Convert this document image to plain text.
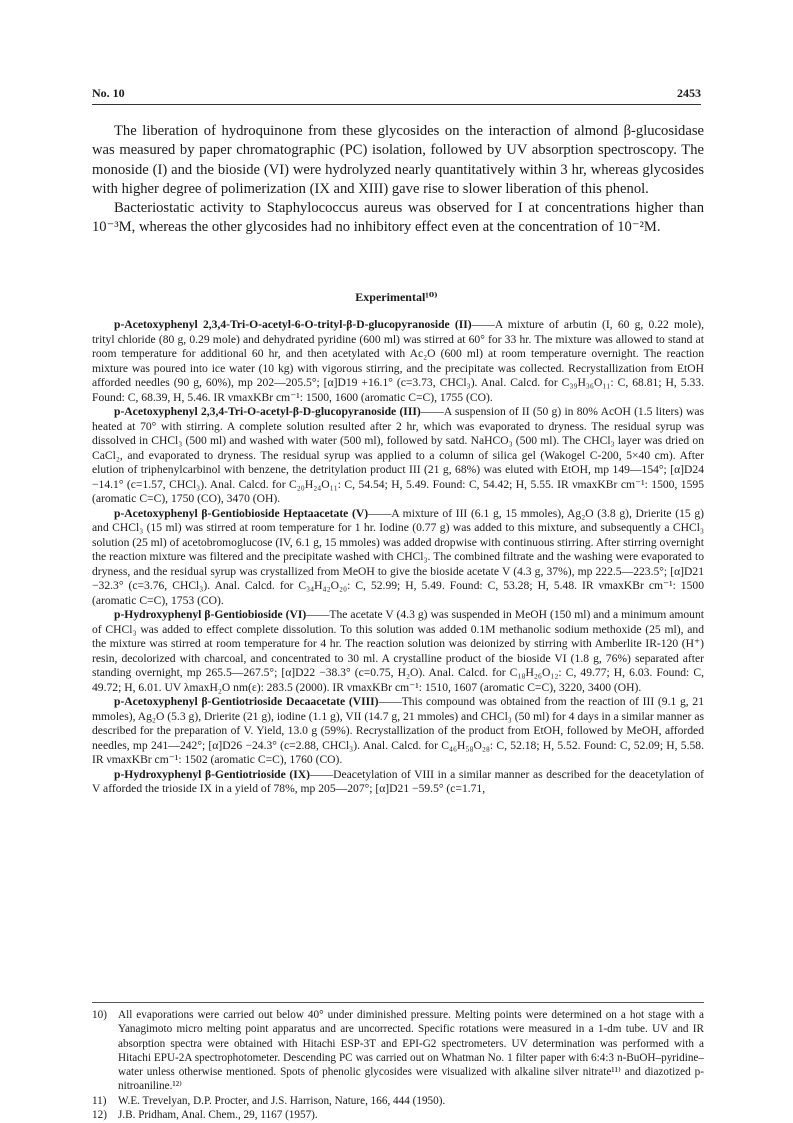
No. 10	2453

The liberation of hydroquinone from these glycosides on the interaction of almond β-glucosidase was measured by paper chromatographic (PC) isolation, followed by UV absorption spectroscopy. The monoside (I) and the bioside (VI) were hydrolyzed nearly quantitatively within 3 hr, whereas glycosides with higher degree of polimerization (IX and XIII) gave rise to slower liberation of this phenol.

Bacteriostatic activity to Staphylococcus aureus was observed for I at concentrations higher than 10⁻³M, whereas the other glycosides had no inhibitory effect even at the concentration of 10⁻²M.

Experimental¹⁰⁾

p-Acetoxyphenyl 2,3,4-Tri-O-acetyl-6-O-trityl-β-D-glucopyranoside (II)——A mixture of arbutin (I, 60 g, 0.22 mole), trityl chloride (80 g, 0.29 mole) and dehydrated pyridine (600 ml) was stirred at 60° for 33 hr. The mixture was allowed to stand at room temperature for additional 60 hr, and then acetylated with Ac₂O (600 ml) at room temperature overnight. The reaction mixture was poured into ice water (10 kg) with vigorous stirring, and the precipitate was collected. Recrystallization from EtOH afforded needles (90 g, 60%), mp 202—205.5°; [α]D19 +16.1° (c=3.73, CHCl₃). Anal. Calcd. for C₃₉H₃₆O₁₁: C, 68.81; H, 5.33. Found: C, 68.39, H, 5.46. IR νmaxKBr cm⁻¹: 1500, 1600 (aromatic C=C), 1755 (CO).

p-Acetoxyphenyl 2,3,4-Tri-O-acetyl-β-D-glucopyranoside (III)——A suspension of II (50 g) in 80% AcOH (1.5 liters) was heated at 70° with stirring. A complete solution resulted after 2 hr, which was evaporated to dryness. The residual syrup was dissolved in CHCl₃ (500 ml) and washed with water (500 ml), followed by satd. NaHCO₃ (500 ml). The CHCl₃ layer was dried on CaCl₂, and evaporated to dryness. The residual syrup was applied to a column of silica gel (Wakogel C-200, 5×40 cm). After elution of triphenylcarbinol with benzene, the detritylation product III (21 g, 68%) was eluted with EtOH, mp 149—154°; [α]D24 −14.1° (c=1.57, CHCl₃). Anal. Calcd. for C₂₀H₂₄O₁₁: C, 54.54; H, 5.49. Found: C, 54.42; H, 5.55. IR νmaxKBr cm⁻¹: 1500, 1595 (aromatic C=C), 1750 (CO), 3470 (OH).

p-Acetoxyphenyl β-Gentiobioside Heptaacetate (V)——A mixture of III (6.1 g, 15 mmoles), Ag₂O (3.8 g), Drierite (15 g) and CHCl₃ (15 ml) was stirred at room temperature for 1 hr. Iodine (0.77 g) was added to this mixture, and subsequently a CHCl₃ solution (25 ml) of acetobromoglucose (IV, 6.1 g, 15 mmoles) was added dropwise with continuous stirring. After stirring overnight the reaction mixture was filtered and the precipitate washed with CHCl₃. The combined filtrate and the washing were evaporated to dryness, and the residual syrup was crystallized from MeOH to give the bioside acetate V (4.3 g, 37%), mp 222.5—223.5°; [α]D21 −32.3° (c=3.76, CHCl₃). Anal. Calcd. for C₃₄H₄₂O₂₀: C, 52.99; H, 5.49. Found: C, 53.28; H, 5.48. IR νmaxKBr cm⁻¹: 1500 (aromatic C=C), 1753 (CO).

p-Hydroxyphenyl β-Gentiobioside (VI)——The acetate V (4.3 g) was suspended in MeOH (150 ml) and a minimum amount of CHCl₃ was added to effect complete dissolution. To this solution was added 0.1M methanolic sodium methoxide (25 ml), and the mixture was stirred at room temperature for 4 hr. The reaction solution was deionized by stirring with Amberlite IR-120 (H⁺) resin, decolorized with charcoal, and concentrated to 30 ml. A crystalline product of the bioside VI (1.8 g, 76%) separated after standing overnight, mp 265.5—267.5°; [α]D22 −38.3° (c=0.75, H₂O). Anal. Calcd. for C₁₈H₂₆O₁₂: C, 49.77; H, 6.03. Found: C, 49.72; H, 6.01. UV λmaxH₂O nm(ε): 283.5 (2000). IR νmaxKBr cm⁻¹: 1510, 1607 (aromatic C=C), 3220, 3400 (OH).

p-Acetoxyphenyl β-Gentiotrioside Decaacetate (VIII)——This compound was obtained from the reaction of III (9.1 g, 21 mmoles), Ag₂O (5.3 g), Drierite (21 g), iodine (1.1 g), VII (14.7 g, 21 mmoles) and CHCl₃ (50 ml) for 4 days in a similar manner as described for the preparation of V. Yield, 13.0 g (59%). Recrystallization of the product from EtOH, followed by MeOH, afforded needles, mp 241—242°; [α]D26 −24.3° (c=2.88, CHCl₃). Anal. Calcd. for C₄₆H₅₈O₂₈: C, 52.18; H, 5.52. Found: C, 52.09; H, 5.58. IR νmaxKBr cm⁻¹: 1502 (aromatic C=C), 1760 (CO).

p-Hydroxyphenyl β-Gentiotrioside (IX)——Deacetylation of VIII in a similar manner as described for the deacetylation of V afforded the trioside IX in a yield of 78%, mp 205—207°; [α]D21 −59.5° (c=1.71,

10) All evaporations were carried out below 40° under diminished pressure. Melting points were determined on a hot stage with a Yanagimoto micro melting point apparatus and are uncorrected. Specific rotations were measured in a 1-dm tube. UV and IR absorption spectra were obtained with Hitachi ESP-3T and EPI-G2 spectrometers. UV determination was performed with a Hitachi EPU-2A spectrophotometer. Descending PC was carried out on Whatman No. 1 filter paper with 6:4:3 n-BuOH–pyridine–water unless otherwise mentioned. Spots of phenolic glycosides were visualized with alkaline silver nitrate¹¹⁾ and diazotized p-nitroaniline.¹²⁾
11) W.E. Trevelyan, D.P. Procter, and J.S. Harrison, Nature, 166, 444 (1950).
12) J.B. Pridham, Anal. Chem., 29, 1167 (1957).
